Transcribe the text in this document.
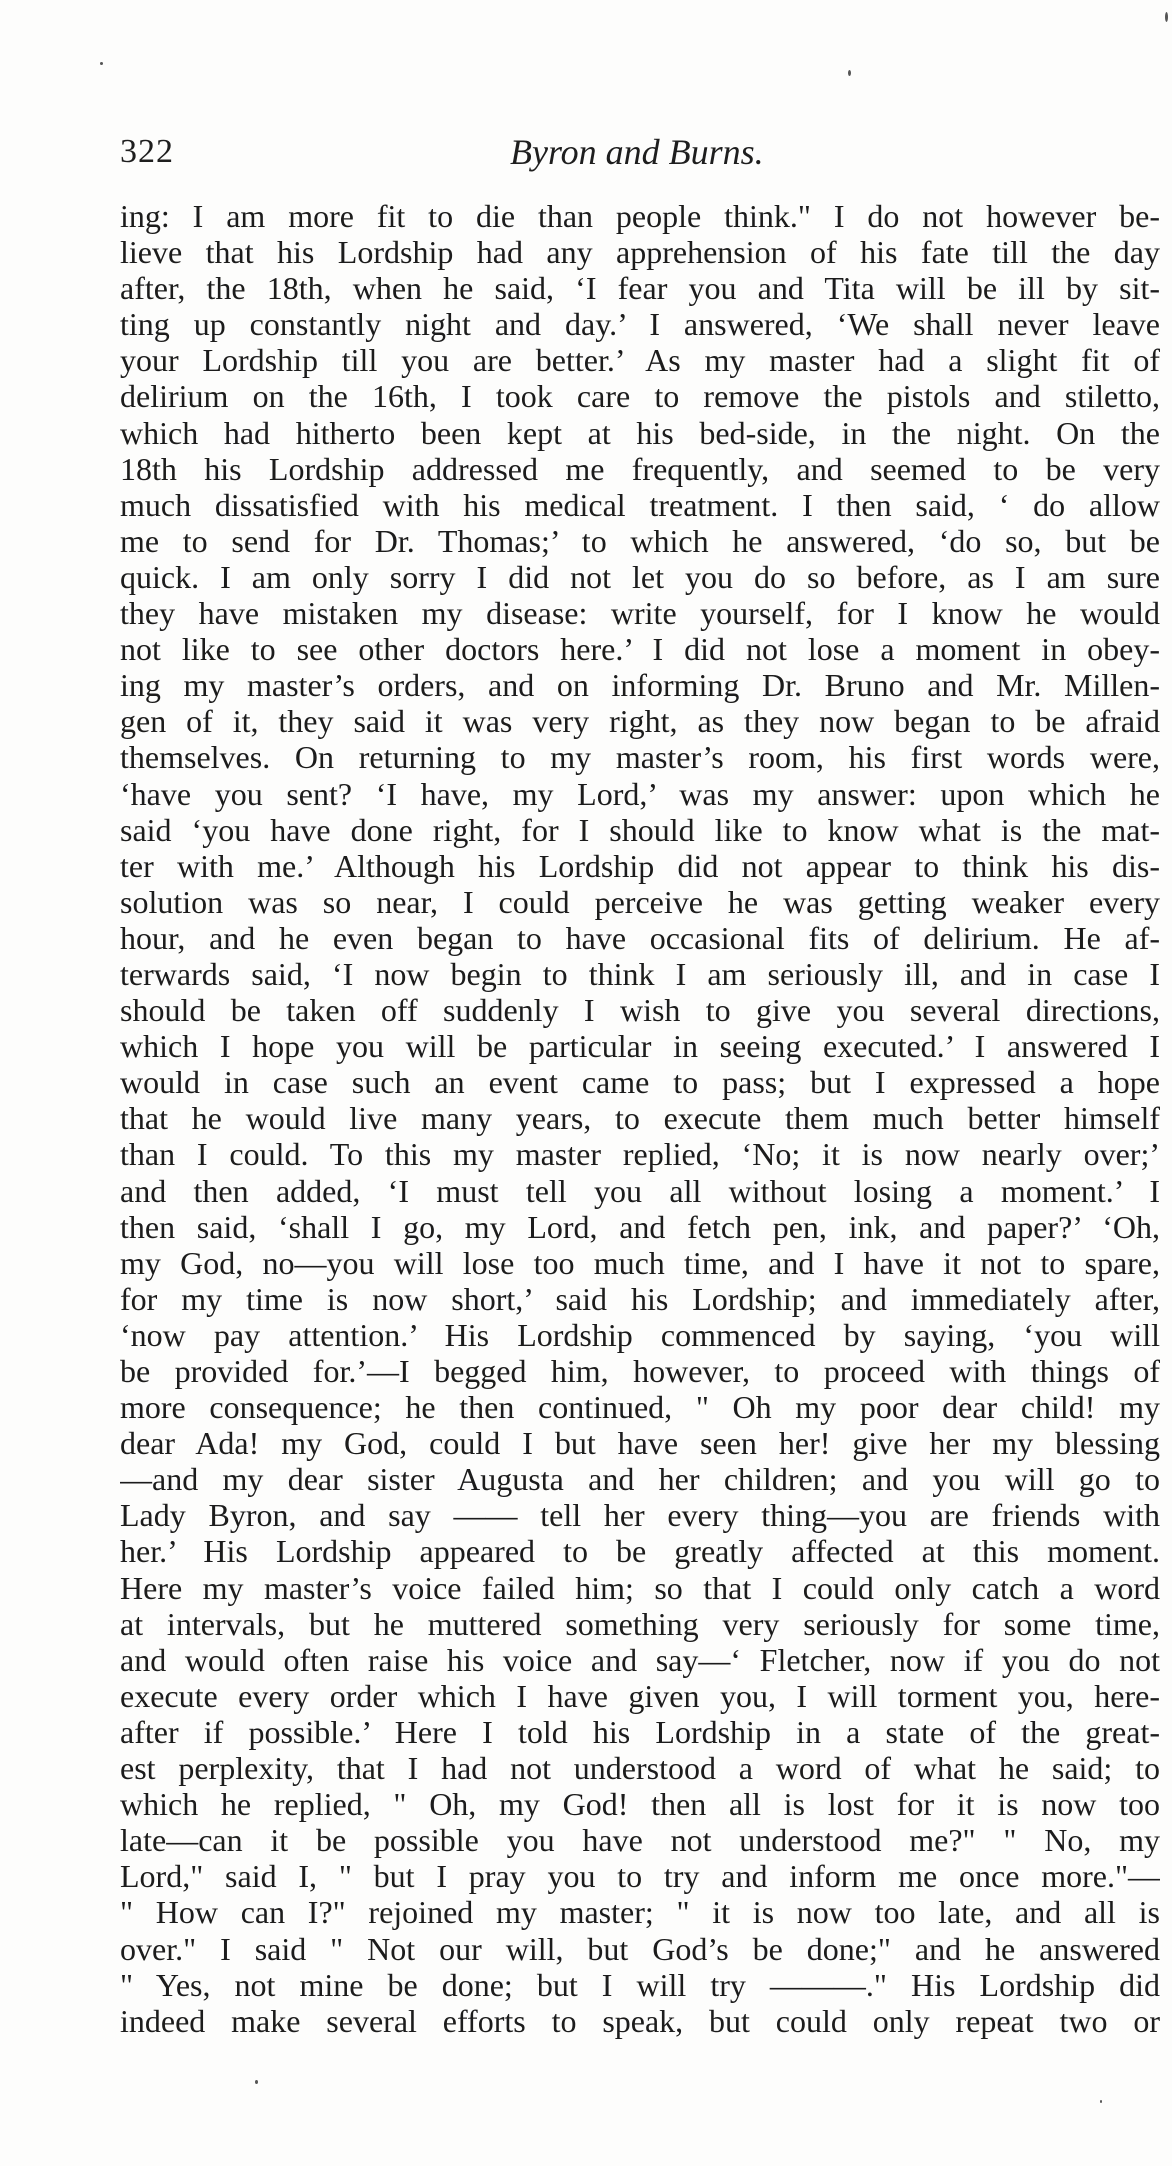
322	Byron and Burns.
ing: I am more fit to die than people think." I do not however be-
lieve that his Lordship had any apprehension of his fate till the day
after, the 18th, when he said, ‘I fear you and Tita will be ill by sit-
ting up constantly night and day.’ I answered, ‘We shall never leave
your Lordship till you are better.’ As my master had a slight fit of
delirium on the 16th, I took care to remove the pistols and stiletto,
which had hitherto been kept at his bed-side, in the night. On the
18th his Lordship addressed me frequently, and seemed to be very
much dissatisfied with his medical treatment. I then said, ‘ do allow
me to send for Dr. Thomas;’ to which he answered, ‘do so, but be
quick. I am only sorry I did not let you do so before, as I am sure
they have mistaken my disease: write yourself, for I know he would
not like to see other doctors here.’ I did not lose a moment in obey-
ing my master’s orders, and on informing Dr. Bruno and Mr. Millen-
gen of it, they said it was very right, as they now began to be afraid
themselves. On returning to my master’s room, his first words were,
‘have you sent? ‘I have, my Lord,’ was my answer: upon which he
said ‘you have done right, for I should like to know what is the mat-
ter with me.’ Although his Lordship did not appear to think his dis-
solution was so near, I could perceive he was getting weaker every
hour, and he even began to have occasional fits of delirium. He af-
terwards said, ‘I now begin to think I am seriously ill, and in case I
should be taken off suddenly I wish to give you several directions,
which I hope you will be particular in seeing executed.’ I answered I
would in case such an event came to pass; but I expressed a hope
that he would live many years, to execute them much better himself
than I could. To this my master replied, ‘No; it is now nearly over;’
and then added, ‘I must tell you all without losing a moment.’ I
then said, ‘shall I go, my Lord, and fetch pen, ink, and paper?’ ‘Oh,
my God, no—you will lose too much time, and I have it not to spare,
for my time is now short,’ said his Lordship; and immediately after,
‘now pay attention.’ His Lordship commenced by saying, ‘you will
be provided for.’—I begged him, however, to proceed with things of
more consequence; he then continued, " Oh my poor dear child! my
dear Ada! my God, could I but have seen her! give her my blessing
—and my dear sister Augusta and her children; and you will go to
Lady Byron, and say —— tell her every thing—you are friends with
her.’ His Lordship appeared to be greatly affected at this moment.
Here my master’s voice failed him; so that I could only catch a word
at intervals, but he muttered something very seriously for some time,
and would often raise his voice and say—‘ Fletcher, now if you do not
execute every order which I have given you, I will torment you, here-
after if possible.’ Here I told his Lordship in a state of the great-
est perplexity, that I had not understood a word of what he said; to
which he replied, " Oh, my God! then all is lost for it is now too
late—can it be possible you have not understood me?" " No, my
Lord," said I, " but I pray you to try and inform me once more."—
" How can I?" rejoined my master; " it is now too late, and all is
over." I said " Not our will, but God’s be done;" and he answered
" Yes, not mine be done; but I will try ———." His Lordship did
indeed make several efforts to speak, but could only repeat two or
